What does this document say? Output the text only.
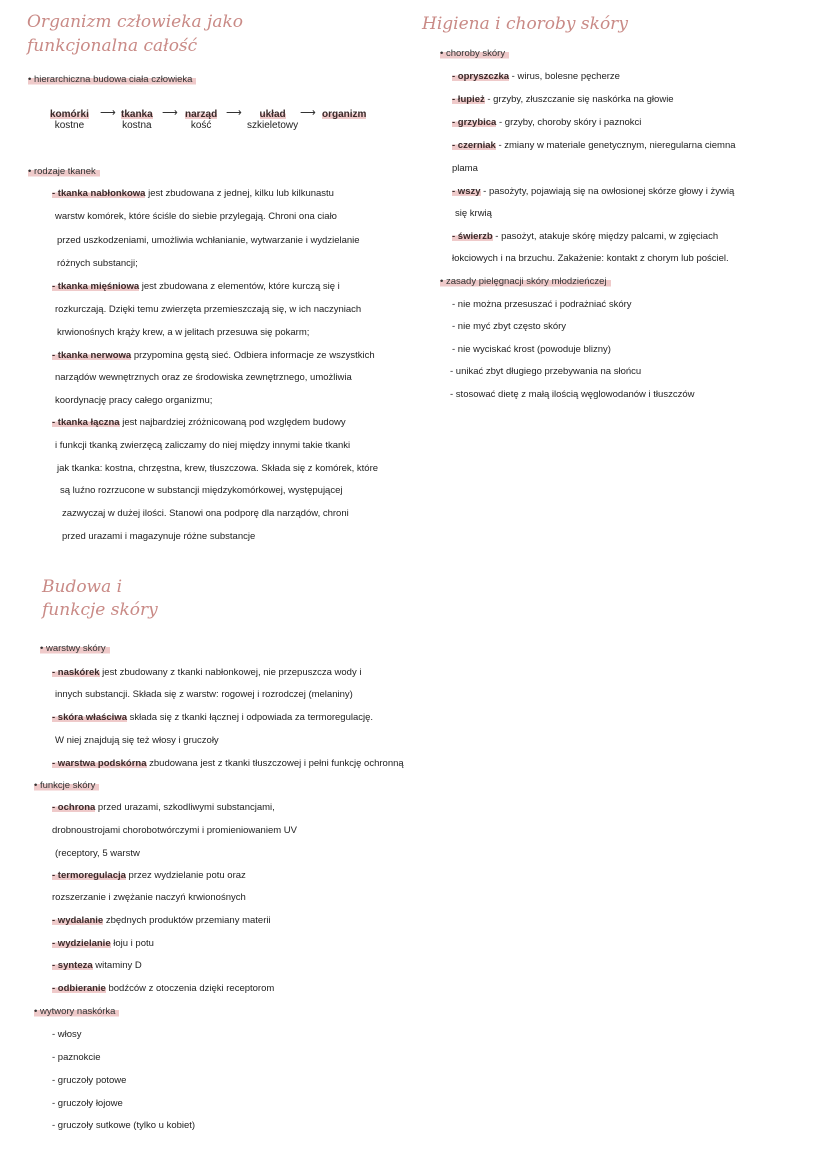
Organizm człowieka jako
funkcjonalna całość
• hierarchiczna budowa ciała człowieka
komórki
kostne
⟶ tkanka
kostna
⟶ narząd
kość
⟶	układ
szkieletowy
⟶ organizm
• rodzaje tkanek
- tkanka nabłonkowa jest zbudowana z jednej, kilku lub kilkunastu
warstw komórek, które ściśle do siebie przylegają. Chroni ona ciało
przed uszkodzeniami, umożliwia wchłanianie, wytwarzanie i wydzielanie
różnych substancji;
- tkanka mięśniowa jest zbudowana z elementów, które kurczą się i
rozkurczają. Dzięki temu zwierzęta przemieszczają się, w ich naczyniach
krwionośnych krąży krew, a w jelitach przesuwa się pokarm;
- tkanka nerwowa przypomina gęstą sieć. Odbiera informacje ze wszystkich
narządów wewnętrznych oraz ze środowiska zewnętrznego, umożliwia
koordynację pracy całego organizmu;
- tkanka łączna jest najbardziej zróżnicowaną pod względem budowy
i funkcji tkanką zwierzęcą zaliczamy do niej między innymi takie tkanki
jak tkanka: kostna, chrzęstna, krew, tłuszczowa. Składa się z komórek, które
są luźno rozrzucone w substancji międzykomórkowej, występującej
zazwyczaj w dużej ilości. Stanowi ona podporę dla narządów, chroni
przed urazami i magazynuje różne substancje
Budowa i
funkcje skóry
• warstwy skóry
- naskórek jest zbudowany z tkanki nabłonkowej, nie przepuszcza wody i
innych substancji. Składa się z warstw: rogowej i rozrodczej (melaniny)
- skóra właściwa składa się z tkanki łącznej i odpowiada za termoregulację.
W niej znajdują się też włosy i gruczoły
- warstwa podskórna zbudowana jest z tkanki tłuszczowej i pełni funkcję ochronną
• funkcje skóry
- ochrona przed urazami, szkodliwymi substancjami,
drobnoustrojami chorobotwórczymi i promieniowaniem UV
(receptory, 5 warstw
- termoregulacja przez wydzielanie potu oraz
rozszerzanie i zwężanie naczyń krwionośnych
- wydalanie zbędnych produktów przemiany materii
- wydzielanie łoju i potu
- synteza witaminy D
- odbieranie bodźców z otoczenia dzięki receptorom
• wytwory naskórka
- włosy
- paznokcie
- gruczoły potowe
- gruczoły łojowe
- gruczoły sutkowe (tylko u kobiet)
Higiena i choroby skóry
• choroby skóry
- opryszczka - wirus, bolesne pęcherze
- łupież - grzyby, złuszczanie się naskórka na głowie
- grzybica - grzyby, choroby skóry i paznokci
- czerniak - zmiany w materiale genetycznym, nieregularna ciemna
plama
- wszy - pasożyty, pojawiają się na owłosionej skórze głowy i żywią
się krwią
- świerzb - pasożyt, atakuje skórę między palcami, w zgięciach
łokciowych i na brzuchu. Zakażenie: kontakt z chorym lub pościel.
• zasady pielęgnacji skóry młodzieńczej
- nie można przesuszać i podrażniać skóry
- nie myć zbyt często skóry
- nie wyciskać krost (powoduje blizny)
- unikać zbyt długiego przebywania na słońcu
- stosować dietę z małą ilością węglowodanów i tłuszczów
